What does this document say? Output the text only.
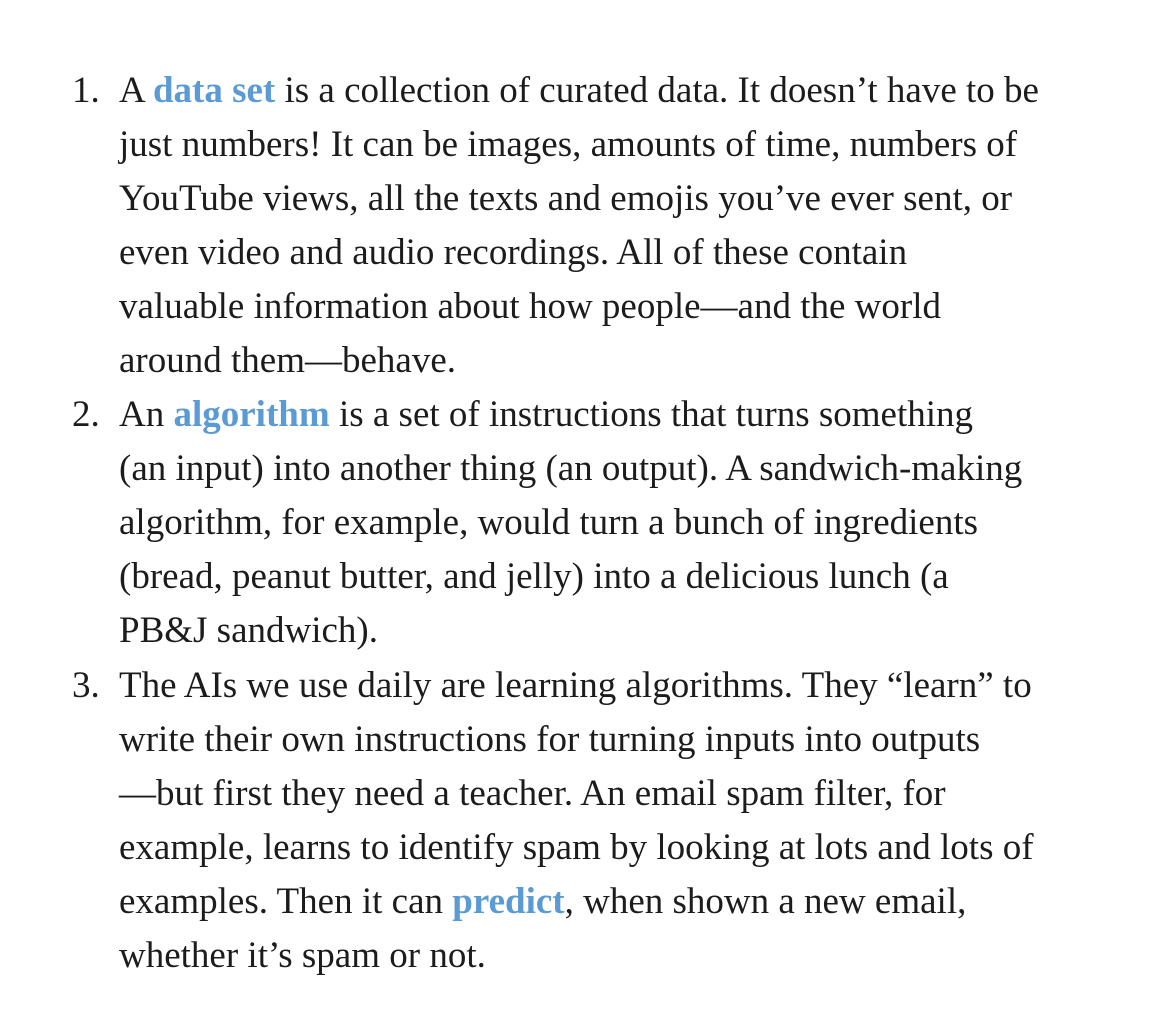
1. A data set is a collection of curated data. It doesn’t have to be
just numbers! It can be images, amounts of time, numbers of
YouTube views, all the texts and emojis you’ve ever sent, or
even video and audio recordings. All of these contain
valuable information about how people—and the world
around them—behave.
2. An algorithm is a set of instructions that turns something
(an input) into another thing (an output). A sandwich-making
algorithm, for example, would turn a bunch of ingredients
(bread, peanut butter, and jelly) into a delicious lunch (a
PB&J sandwich).
3. The AIs we use daily are learning algorithms. They “learn” to
write their own instructions for turning inputs into outputs
—but first they need a teacher. An email spam filter, for
example, learns to identify spam by looking at lots and lots of
examples. Then it can predict, when shown a new email,
whether it’s spam or not.
